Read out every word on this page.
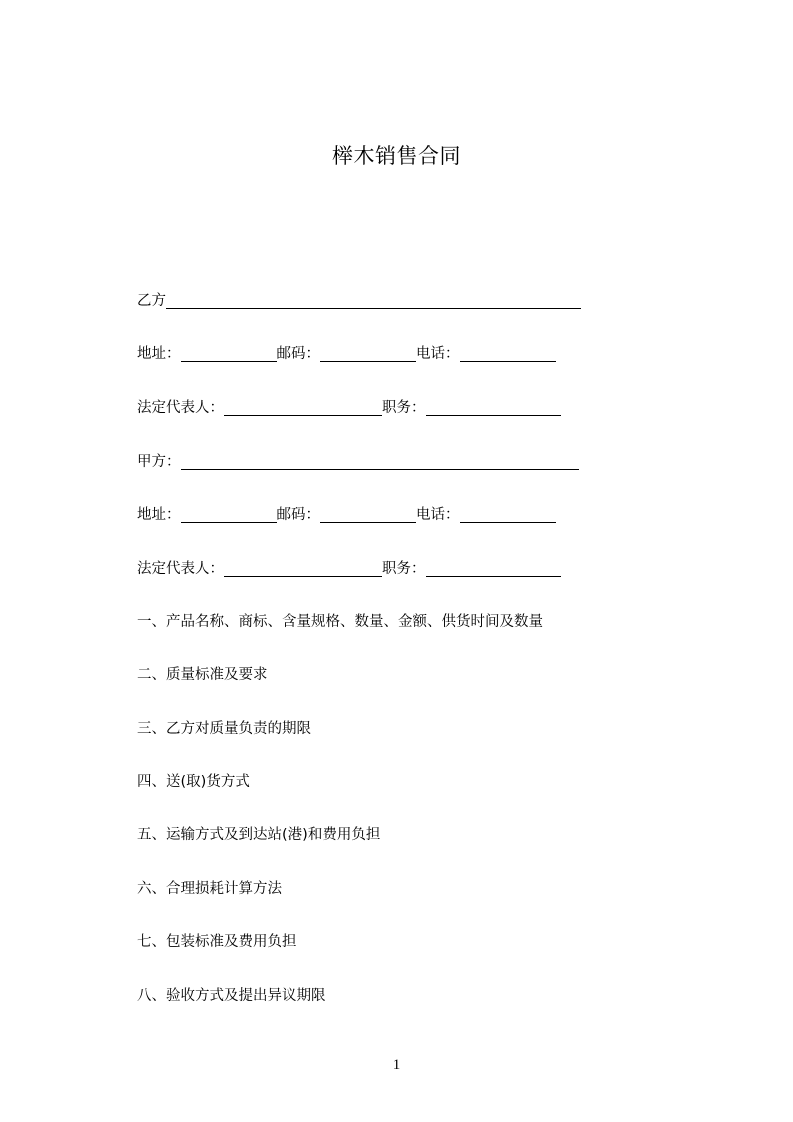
榉木销售合同
乙方
地址：	邮码：	电话：
法定代表人：	职务：
甲方：
地址：	邮码：	电话：
法定代表人：	职务：
一、产品名称、商标、含量规格、数量、金额、供货时间及数量
二、质量标准及要求
三、乙方对质量负责的期限
四、送(取)货方式
五、运输方式及到达站(港)和费用负担
六、合理损耗计算方法
七、包装标准及费用负担
八、验收方式及提出异议期限
1
